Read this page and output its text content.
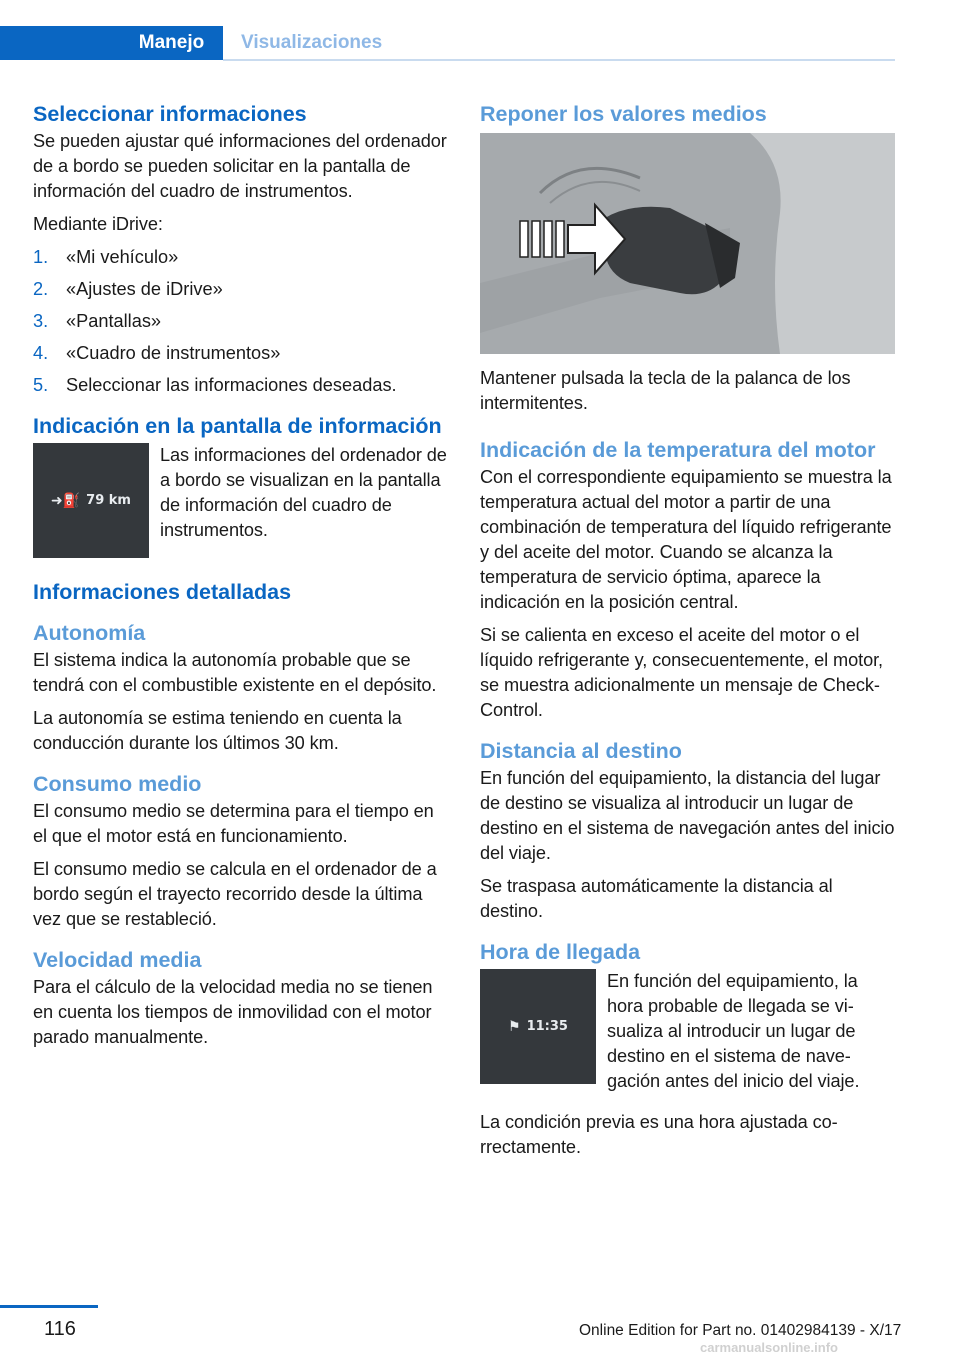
Manejo	Visualizaciones
Seleccionar informaciones

Se pueden ajustar qué informaciones del ordenador de a bordo se pueden solicitar en la pantalla de información del cuadro de instrumentos.

Mediante iDrive:

1. «Mi vehículo»
2. «Ajustes de iDrive»
3. «Pantallas»
4. «Cuadro de instrumentos»
5. Seleccionar las informaciones deseadas.
Indicación en la pantalla de información
➜⛽ 79 km

Las informaciones del ordenador de a bordo se visualizan en la pantalla de información del cuadro de instrumentos.

Informaciones detalladas
Autonomía

El sistema indica la autonomía probable que se tendrá con el combustible existente en el depósito.

La autonomía se estima teniendo en cuenta la conducción durante los últimos 30 km.

Consumo medio

El consumo medio se determina para el tiempo en el que el motor está en funcionamiento.

El consumo medio se calcula en el ordenador de a bordo según el trayecto recorrido desde la última vez que se restableció.

Velocidad media

Para el cálculo de la velocidad media no se tienen en cuenta los tiempos de inmovilidad con el motor parado manualmente.

Reponer los valores medios

Mantener pulsada la tecla de la palanca de los intermitentes.

Indicación de la temperatura del motor

Con el correspondiente equipamiento se muestra la temperatura actual del motor a partir de una combinación de temperatura del líquido refrigerante y del aceite del motor. Cuando se alcanza la temperatura de servicio óptima, aparece la indicación en la posición central.

Si se calienta en exceso el aceite del motor o el líquido refrigerante y, consecuentemente, el motor, se muestra adicionalmente un mensaje de Check-Control.

Distancia al destino

En función del equipamiento, la distancia del lugar de destino se visualiza al introducir un lugar de destino en el sistema de navegación antes del inicio del viaje.

Se traspasa automáticamente la distancia al destino.

Hora de llegada
⚑ 11:35

En función del equipamiento, la hora probable de llegada se visualiza al introducir un lugar de destino en el sistema de navegación antes del inicio del viaje.

La condición previa es una hora ajustada correctamente.

116	Online Edition for Part no. 01402984139 - X/17
carmanualsonline.info
